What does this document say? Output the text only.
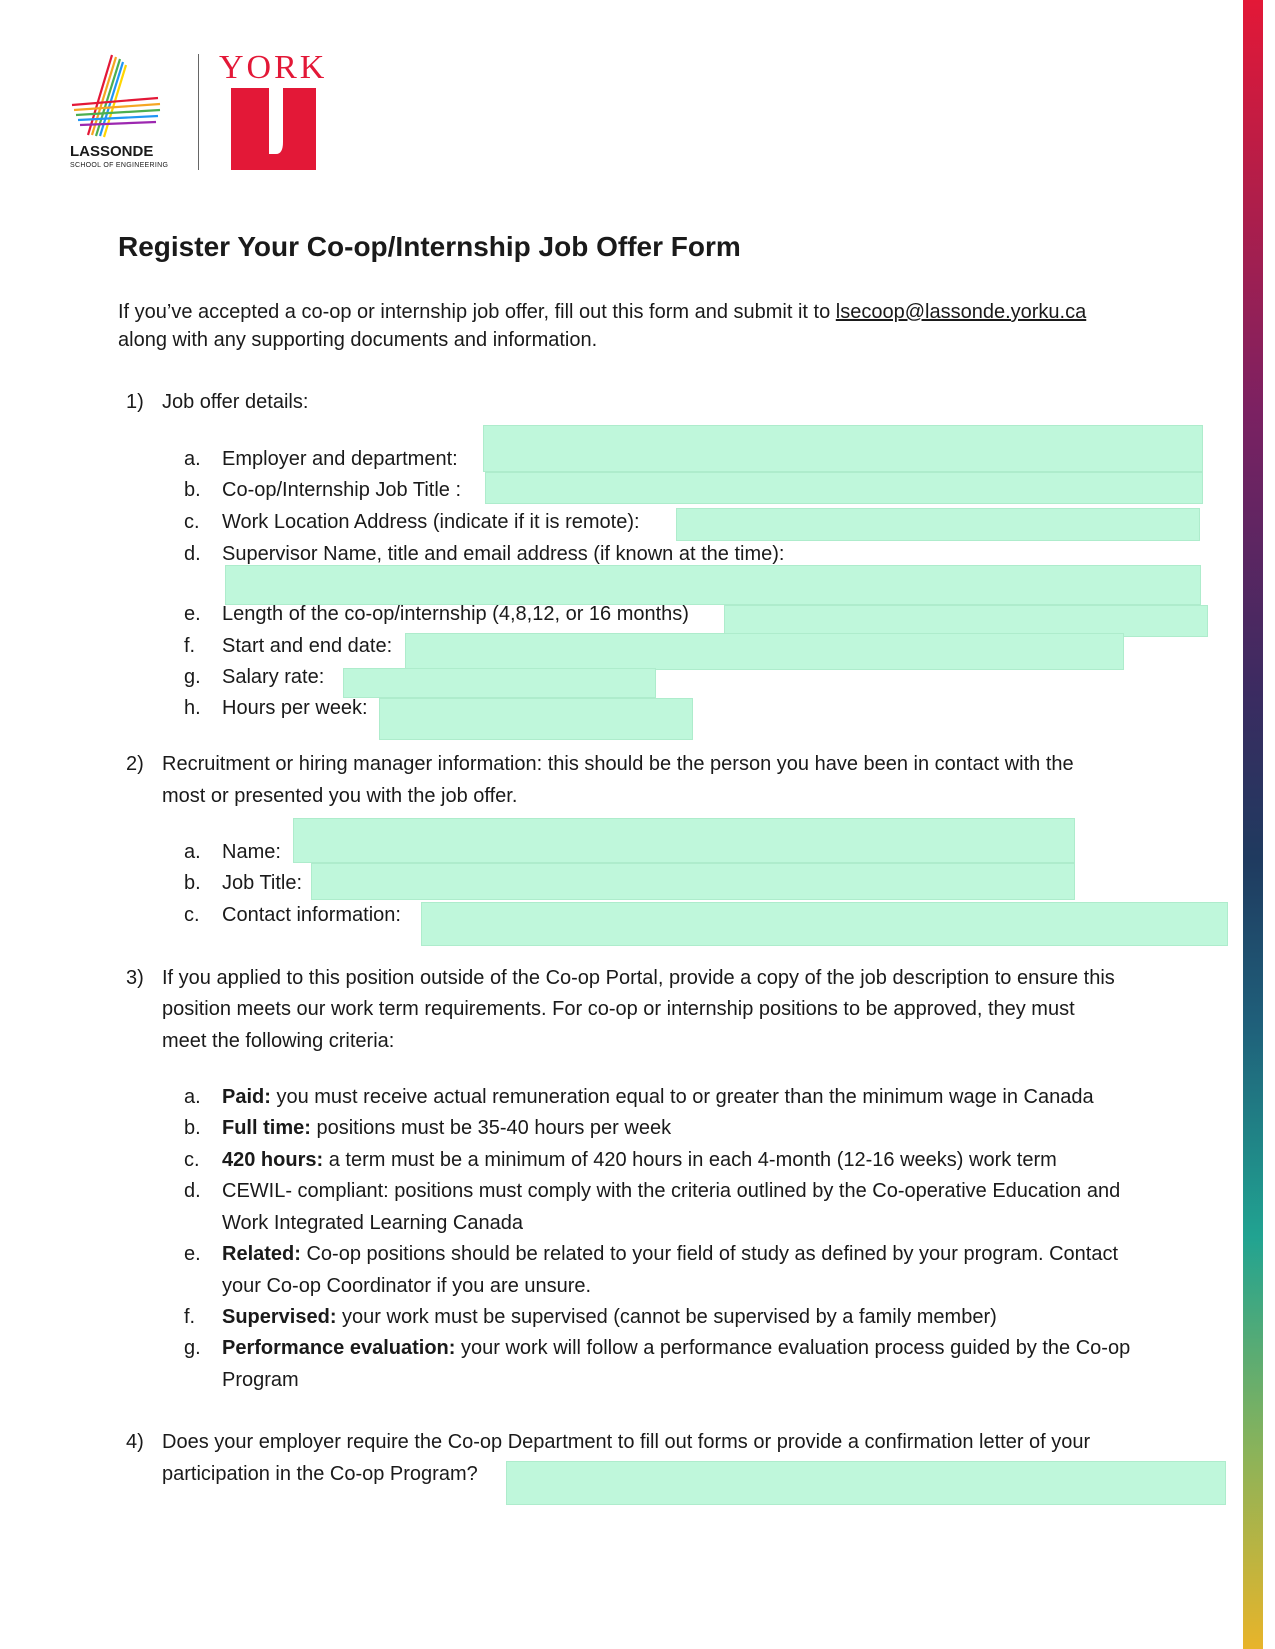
LASSONDE
SCHOOL OF ENGINEERING
YORK
Register Your Co-op/Internship Job Offer Form
If you’ve accepted a co-op or internship job offer, fill out this form and submit it to lsecoop@lassonde.yorku.ca
along with any supporting documents and information.
1) Job offer details:
a. Employer and department:
b. Co-op/Internship Job Title :
c. Work Location Address (indicate if it is remote):
d. Supervisor Name, title and email address (if known at the time):
e. Length of the co-op/internship (4,8,12, or 16 months)
f. Start and end date:
g. Salary rate:
h. Hours per week:
2) Recruitment or hiring manager information: this should be the person you have been in contact with the
most or presented you with the job offer.
a. Name:
b. Job Title:
c. Contact information:
3) If you applied to this position outside of the Co-op Portal, provide a copy of the job description to ensure this
position meets our work term requirements. For co-op or internship positions to be approved, they must
meet the following criteria:
a. Paid: you must receive actual remuneration equal to or greater than the minimum wage in Canada
b. Full time: positions must be 35-40 hours per week
c. 420 hours: a term must be a minimum of 420 hours in each 4-month (12-16 weeks) work term
d. CEWIL- compliant: positions must comply with the criteria outlined by the Co-operative Education and
Work Integrated Learning Canada
e. Related: Co-op positions should be related to your field of study as defined by your program. Contact
your Co-op Coordinator if you are unsure.
f. Supervised: your work must be supervised (cannot be supervised by a family member)
g. Performance evaluation: your work will follow a performance evaluation process guided by the Co-op
Program
4) Does your employer require the Co-op Department to fill out forms or provide a confirmation letter of your
participation in the Co-op Program?
